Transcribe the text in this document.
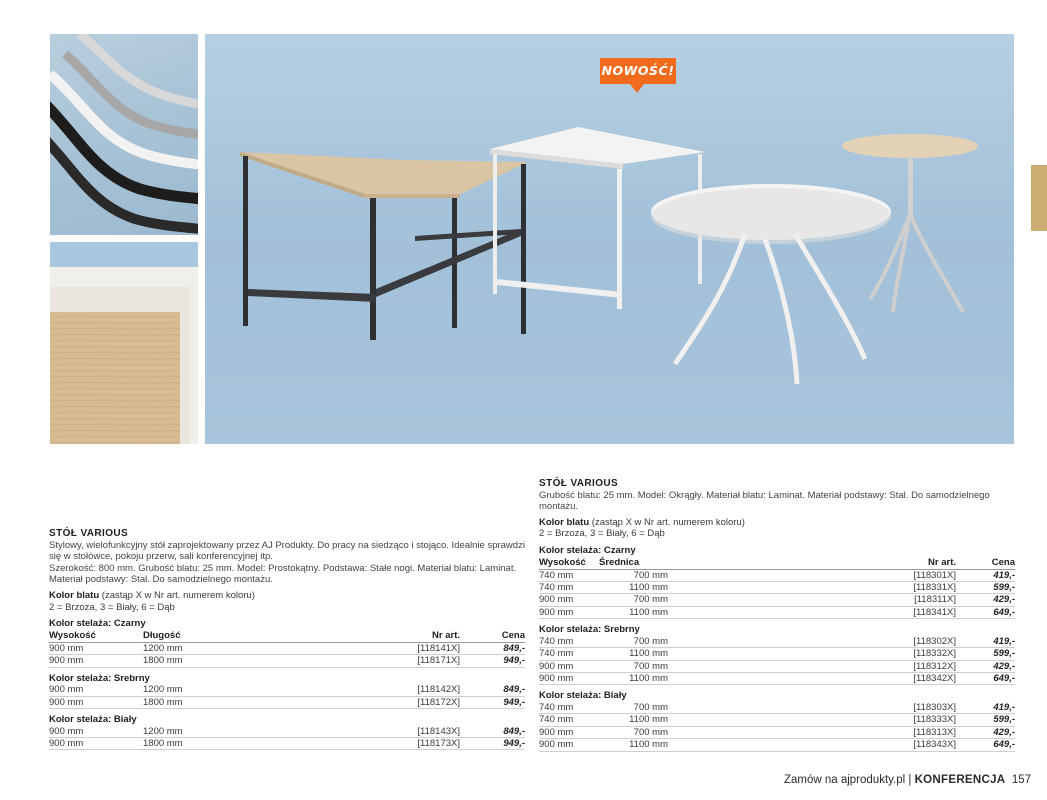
NOWOŚĆ!
STÓŁ VARIOUS
Stylowy, wielofunkcyjny stół zaprojektowany przez AJ Produkty. Do pracy na siedząco i stojąco. Idealnie sprawdzi się w stołówce, pokoju przerw, sali konferencyjnej itp.
Szerokość: 800 mm. Grubość blatu: 25 mm. Model: Prostokątny. Podstawa: Stałe nogi. Materiał blatu: Laminat. Materiał podstawy: Stal. Do samodzielnego montażu.
Kolor blatu (zastąp X w Nr art. numerem koloru)
2 = Brzoza, 3 = Biały, 6 = Dąb
Kolor stelaża: Czarny
Wysokość	Długość	Nr art.	Cena
900 mm	1200 mm	[118141X]	849,-
900 mm	1800 mm	[118171X]	949,-
Kolor stelaża: Srebrny
900 mm	1200 mm	[118142X]	849,-
900 mm	1800 mm	[118172X]	949,-
Kolor stelaża: Biały
900 mm	1200 mm	[118143X]	849,-
900 mm	1800 mm	[118173X]	949,-
STÓŁ VARIOUS
Grubość blatu: 25 mm. Model: Okrągły. Materiał blatu: Laminat. Materiał podstawy: Stal. Do samodzielnego montażu.
Kolor blatu (zastąp X w Nr art. numerem koloru)
2 = Brzoza, 3 = Biały, 6 = Dąb
Kolor stelaża: Czarny
Wysokość	Średnica	Nr art.	Cena
740 mm	700 mm	[118301X]	419,-
740 mm	1100 mm	[118331X]	599,-
900 mm	700 mm	[118311X]	429,-
900 mm	1100 mm	[118341X]	649,-
Kolor stelaża: Srebrny
740 mm	700 mm	[118302X]	419,-
740 mm	1100 mm	[118332X]	599,-
900 mm	700 mm	[118312X]	429,-
900 mm	1100 mm	[118342X]	649,-
Kolor stelaża: Biały
740 mm	700 mm	[118303X]	419,-
740 mm	1100 mm	[118333X]	599,-
900 mm	700 mm	[118313X]	429,-
900 mm	1100 mm	[118343X]	649,-
Zamów na ajprodukty.pl | KONFERENCJA 157
